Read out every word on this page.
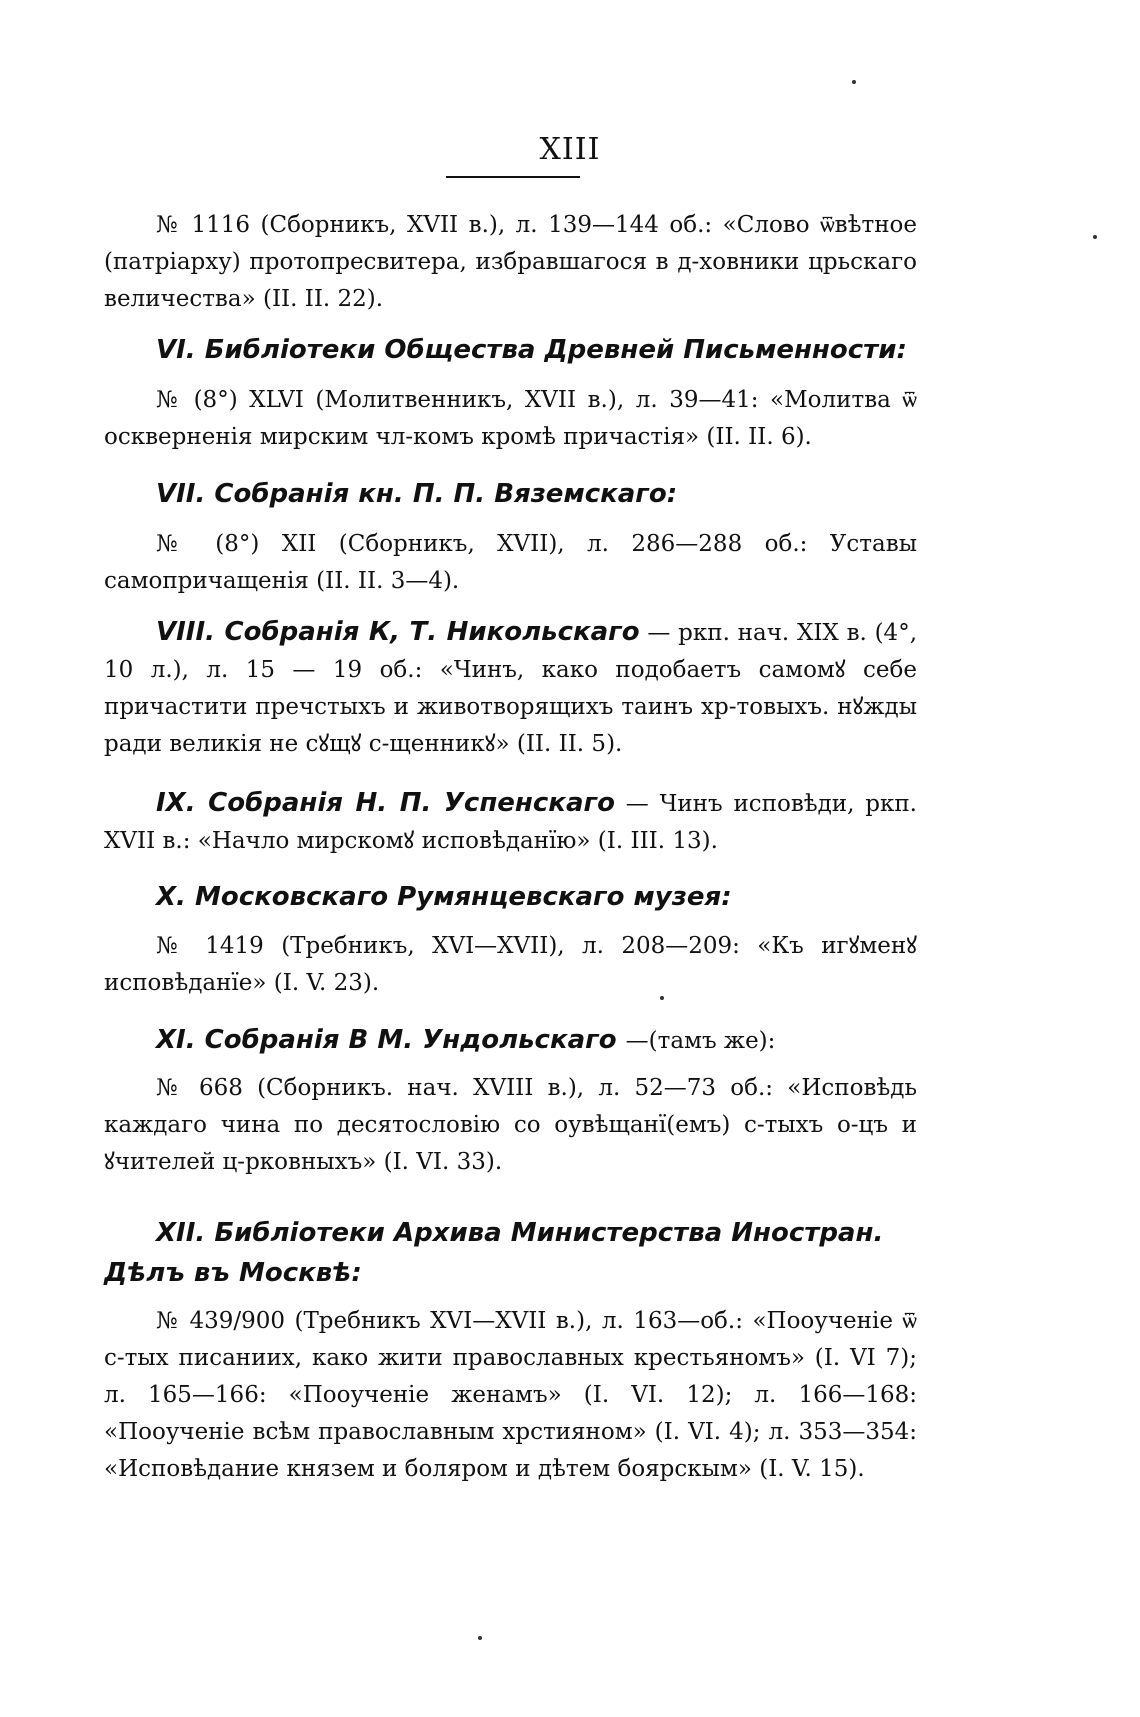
XIII

№ 1116 (Сборникъ, XVII в.), л. 139—144 об.: «Слово ѿвѣтное (патріарху) протопресвитера, избравшагося в д-ховники црьскаго величества» (II. II. 22).

VI. Библіотеки Общества Древней Письменности:

№ (8°) XLVI (Молитвенникъ, XVII в.), л. 39—41: «Молитва ѿ оскверненія мирским чл-комъ кромѣ причастія» (II. II. 6).

VII. Собранія кн. П. П. Вяземскаго:

№ (8°) XII (Сборникъ, XVII), л. 286—288 об.: Уставы самопричащенія (II. II. 3—4).

VIII. Собранія К, Т. Никольскаго — ркп. нач. XIX в. (4°, 10 л.), л. 15 — 19 об.: «Чинъ, како подобаетъ самомꙋ себе причастити пречстыхъ и животворящихъ таинъ хр-товыхъ. нꙋжды ради великія не сꙋщꙋ с-щенникꙋ» (II. II. 5).

IX. Собранія Н. П. Успенскаго — Чинъ исповѣди, ркп. XVII в.: «Начло мирскомꙋ исповѣданїю» (I. III. 13).

X. Московскаго Румянцевскаго музея:

№ 1419 (Требникъ, XVI—XVII), л. 208—209: «Къ игꙋменꙋ исповѣданїе» (I. V. 23).

XI. Собранія В М. Ундольскаго —(тамъ же):

№ 668 (Сборникъ. нач. XVIII в.), л. 52—73 об.: «Исповѣдь каждаго чина по десятословію со оувѣщанї(емъ) с-тыхъ о-цъ и ꙋчителей ц-рковныхъ» (I. VI. 33).

XII. Библіотеки Архива Министерства Иностран. Дѣлъ въ Москвѣ:

№ 439/900 (Требникъ XVI—XVII в.), л. 163—об.: «Пооученіе ѿ с-тых писаниих, како жити православных крестьяномъ» (I. VI 7); л. 165—166: «Пооученіе женамъ» (I. VI. 12); л. 166—168: «Пооученіе всѣм православным хрстияном» (I. VI. 4); л. 353—354: «Исповѣдание князем и боляром и дѣтем боярскым» (I. V. 15).
